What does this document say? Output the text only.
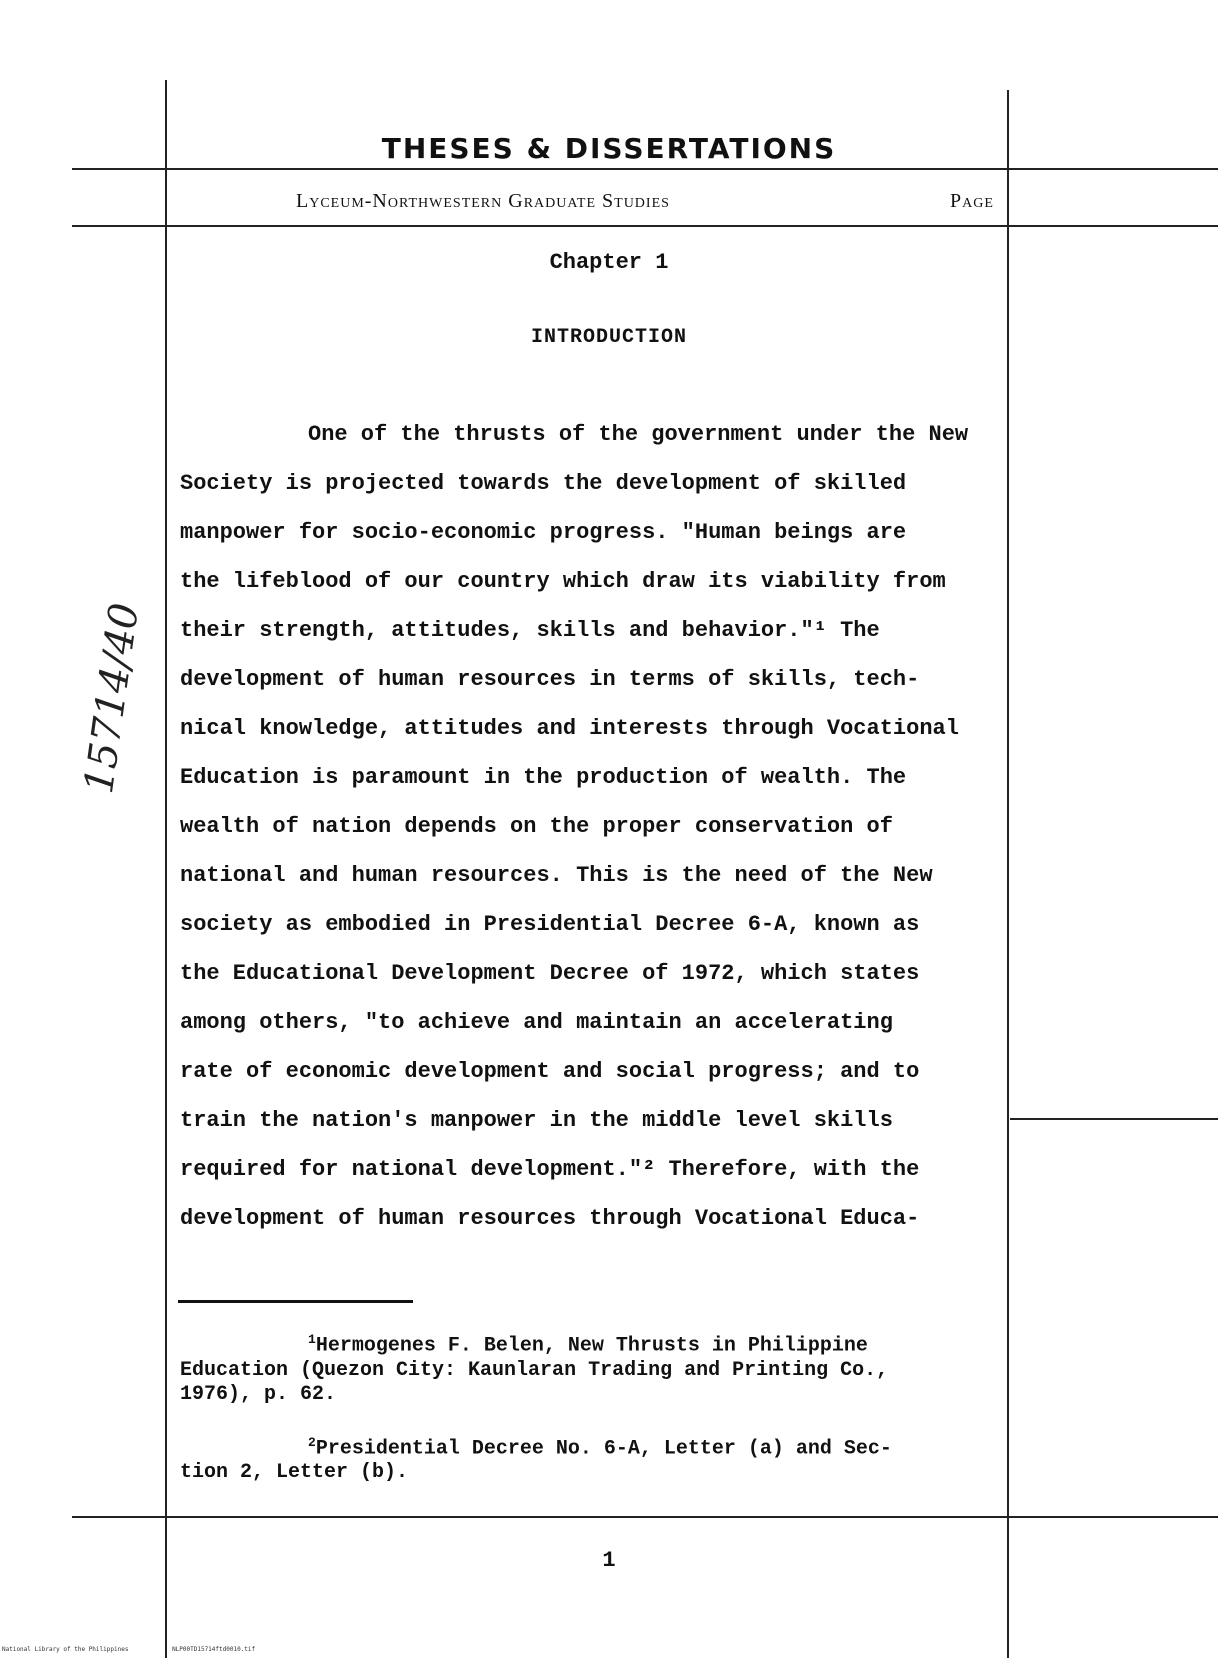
THESES & DISSERTATIONS
Lyceum-Northwestern Graduate Studies	Page
Chapter 1
INTRODUCTION
One of the thrusts of the government under the New
Society is projected towards the development of skilled
manpower for socio-economic progress. "Human beings are
the lifeblood of our country which draw its viability from
their strength, attitudes, skills and behavior."¹ The
development of human resources in terms of skills, tech-
nical knowledge, attitudes and interests through Vocational
Education is paramount in the production of wealth. The
wealth of nation depends on the proper conservation of
national and human resources. This is the need of the New
society as embodied in Presidential Decree 6-A, known as
the Educational Development Decree of 1972, which states
among others, "to achieve and maintain an accelerating
rate of economic development and social progress; and to
train the nation's manpower in the middle level skills
required for national development."² Therefore, with the
development of human resources through Vocational Educa-
$^1$Hermogenes F. Belen, New Thrusts in Philippine
Education (Quezon City: Kaunlaran Trading and Printing Co.,
1976), p. 62.
$^2$Presidential Decree No. 6-A, Letter (a) and Sec-
tion 2, Letter (b).
1
15714/40
National Library of the Philippines	NLP00TD15714ftd0010.tif
